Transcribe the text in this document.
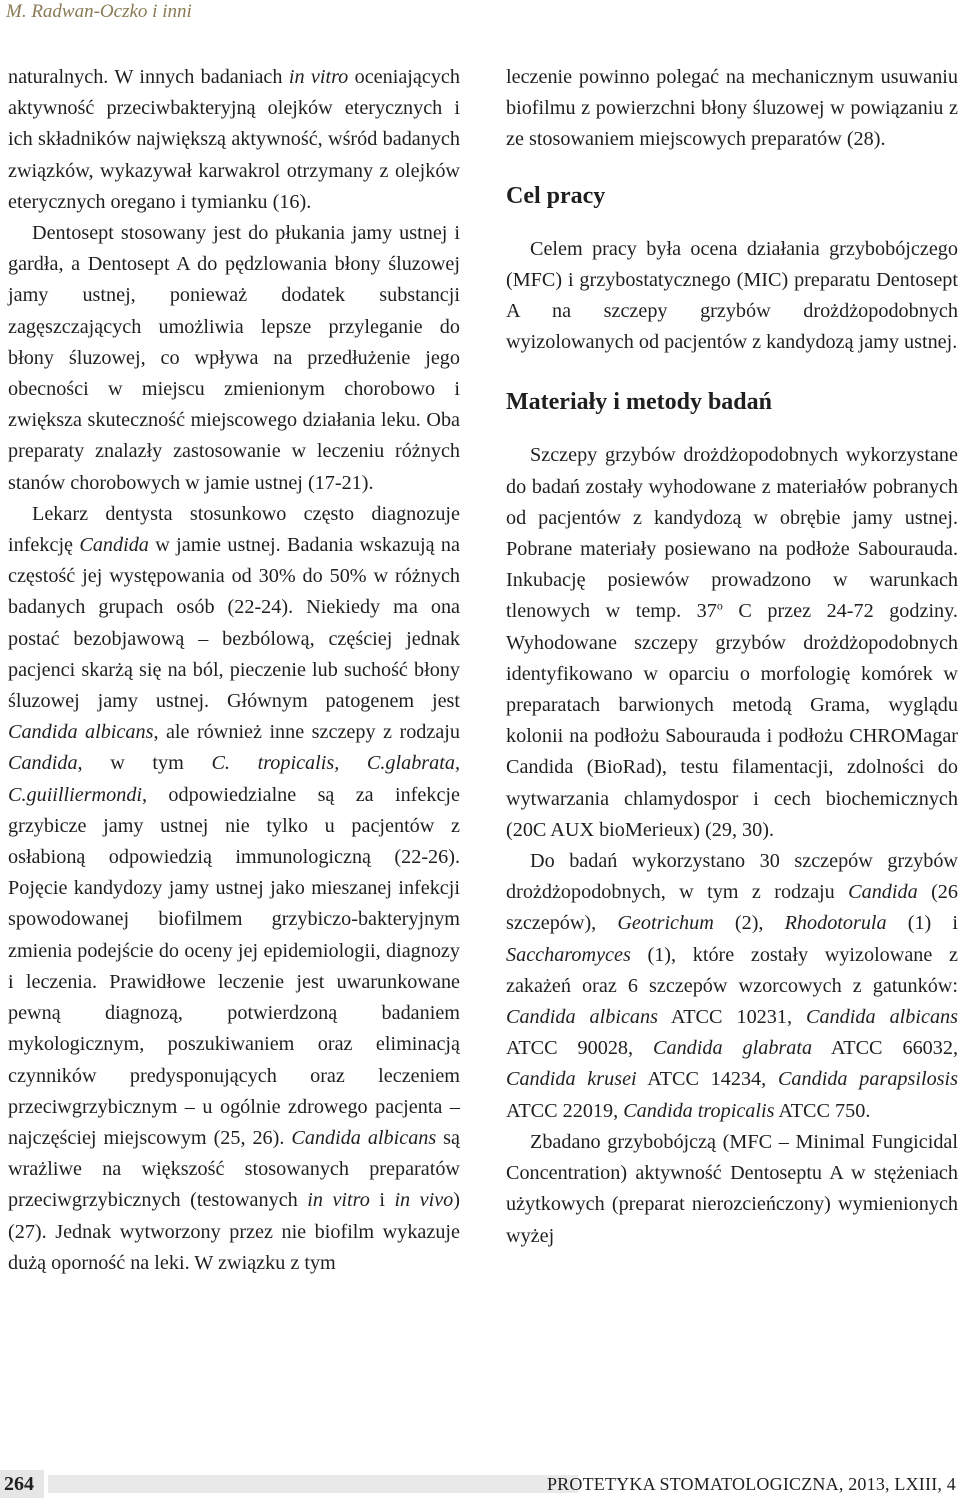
M. Radwan-Oczko i inni

naturalnych. W innych badaniach in vitro oceniających aktywność przeciwbakteryjną olejków eterycznych i ich składników największą aktywność, wśród badanych związków, wykazywał karwakrol otrzymany z olejków eterycznych oregano i tymianku (16).

Dentosept stosowany jest do płukania jamy ustnej i gardła, a Dentosept A do pędzlowania błony śluzowej jamy ustnej, ponieważ dodatek substancji zagęszczających umożliwia lepsze przyleganie do błony śluzowej, co wpływa na przedłużenie jego obecności w miejscu zmienionym chorobowo i zwiększa skuteczność miejscowego działania leku. Oba preparaty znalazły zastosowanie w leczeniu różnych stanów chorobowych w jamie ustnej (17-21).

Lekarz dentysta stosunkowo często diagnozuje infekcję Candida w jamie ustnej. Badania wskazują na częstość jej występowania od 30% do 50% w różnych badanych grupach osób (22-24). Niekiedy ma ona postać bezobjawową – bezbólową, częściej jednak pacjenci skarżą się na ból, pieczenie lub suchość błony śluzowej jamy ustnej. Głównym patogenem jest Candida albicans, ale również inne szczepy z rodzaju Candida, w tym C. tropicalis, C.glabrata, C.guiilliermondi, odpowiedzialne są za infekcje grzybicze jamy ustnej nie tylko u pacjentów z osłabioną odpowiedzią immunologiczną (22-26). Pojęcie kandydozy jamy ustnej jako mieszanej infekcji spowodowanej biofilmem grzybiczo-bakteryjnym zmienia podejście do oceny jej epidemiologii, diagnozy i leczenia. Prawidłowe leczenie jest uwarunkowane pewną diagnozą, potwierdzoną badaniem mykologicznym, poszukiwaniem oraz eliminacją czynników predysponujących oraz leczeniem przeciwgrzybicznym – u ogólnie zdrowego pacjenta – najczęściej miejscowym (25, 26). Candida albicans są wrażliwe na większość stosowanych preparatów przeciwgrzybicznych (testowanych in vitro i in vivo) (27). Jednak wytworzony przez nie biofilm wykazuje dużą oporność na leki. W związku z tym

leczenie powinno polegać na mechanicznym usuwaniu biofilmu z powierzchni błony śluzowej w powiązaniu z ze stosowaniem miejscowych preparatów (28).

Cel pracy

Celem pracy była ocena działania grzybobójczego (MFC) i grzybostatycznego (MIC) preparatu Dentosept A na szczepy grzybów drożdżopodobnych wyizolowanych od pacjentów z kandydozą jamy ustnej.

Materiały i metody badań

Szczepy grzybów drożdżopodobnych wykorzystane do badań zostały wyhodowane z materiałów pobranych od pacjentów z kandydozą w obrębie jamy ustnej. Pobrane materiały posiewano na podłoże Sabourauda. Inkubację posiewów prowadzono w warunkach tlenowych w temp. 37$^o$ C przez 24-72 godziny. Wyhodowane szczepy grzybów drożdżopodobnych identyfikowano w oparciu o morfologię komórek w preparatach barwionych metodą Grama, wyglądu kolonii na podłożu Sabourauda i podłożu CHROMagar Candida (BioRad), testu filamentacji, zdolności do wytwarzania chlamydospor i cech biochemicznych (20C AUX bioMerieux) (29, 30).

Do badań wykorzystano 30 szczepów grzybów drożdżopodobnych, w tym z rodzaju Candida (26 szczepów), Geotrichum (2), Rhodotorula (1) i Saccharomyces (1), które zostały wyizolowane z zakażeń oraz 6 szczepów wzorcowych z gatunków: Candida albicans ATCC 10231, Candida albicans ATCC 90028, Candida glabrata ATCC 66032, Candida krusei ATCC 14234, Candida parapsilosis ATCC 22019, Candida tropicalis ATCC 750.

Zbadano grzybobójczą (MFC – Minimal Fungicidal Concentration) aktywność Dentoseptu A w stężeniach użytkowych (preparat nierozcieńczony) wymienionych wyżej

264	PROTETYKA STOMATOLOGICZNA, 2013, LXIII, 4
